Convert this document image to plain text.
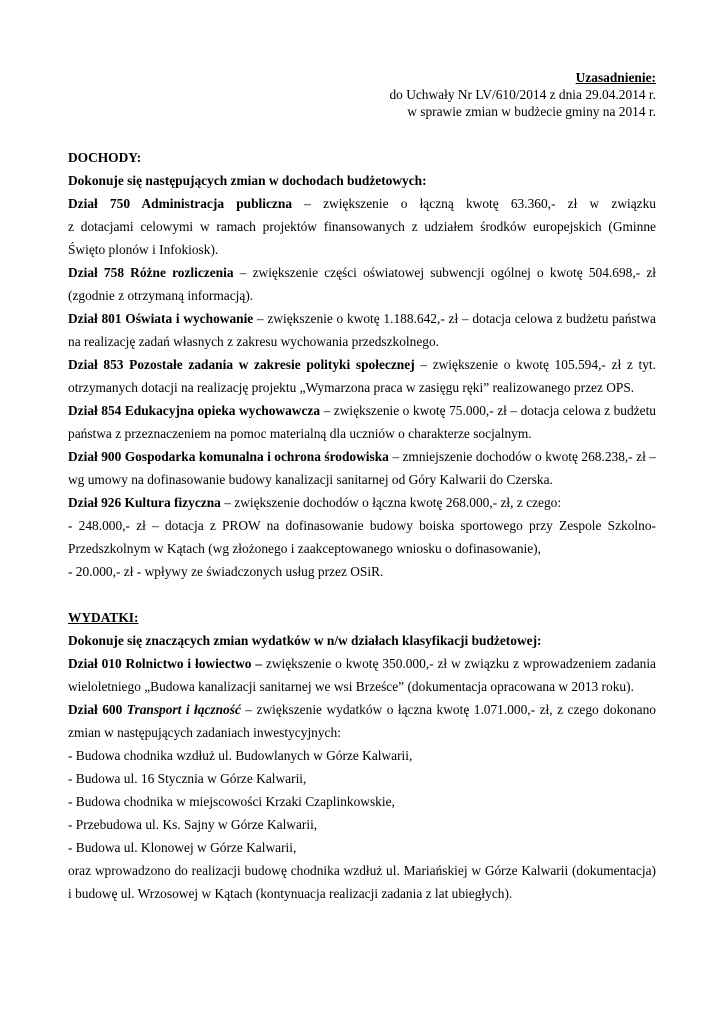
Uzasadnienie:
do Uchwały Nr LV/610/2014 z dnia 29.04.2014 r.
w sprawie zmian w budżecie gminy na 2014 r.
DOCHODY:
Dokonuje się następujących zmian w dochodach budżetowych:
Dział 750 Administracja publiczna – zwiększenie o łączną kwotę 63.360,- zł w związku
z dotacjami celowymi w ramach projektów finansowanych z udziałem środków europejskich (Gminne
Święto plonów i Infokiosk).
Dział 758 Różne rozliczenia – zwiększenie części oświatowej subwencji ogólnej o kwotę 504.698,- zł
(zgodnie z otrzymaną informacją).
Dział 801 Oświata i wychowanie – zwiększenie o kwotę 1.188.642,- zł – dotacja celowa z budżetu państwa
na realizację zadań własnych z zakresu wychowania przedszkolnego.
Dział 853 Pozostałe zadania w zakresie polityki społecznej – zwiększenie o kwotę 105.594,- zł z tyt.
otrzymanych dotacji na realizację projektu „Wymarzona praca w zasięgu ręki” realizowanego przez OPS.
Dział 854 Edukacyjna opieka wychowawcza – zwiększenie o kwotę 75.000,- zł – dotacja celowa z budżetu
państwa z przeznaczeniem na pomoc materialną dla uczniów o charakterze socjalnym.
Dział 900 Gospodarka komunalna i ochrona środowiska – zmniejszenie dochodów o kwotę 268.238,- zł –
wg umowy na dofinasowanie budowy kanalizacji sanitarnej od Góry Kalwarii do Czerska.
Dział 926 Kultura fizyczna – zwiększenie dochodów o łączna kwotę 268.000,- zł, z czego:
- 248.000,- zł – dotacja z PROW na dofinasowanie budowy boiska sportowego przy Zespole Szkolno-
Przedszkolnym w Kątach (wg złożonego i zaakceptowanego wniosku o dofinasowanie),
- 20.000,- zł - wpływy ze świadczonych usług przez OSiR.
WYDATKI:
Dokonuje się znaczących zmian wydatków w n/w działach klasyfikacji budżetowej:
Dział 010 Rolnictwo i łowiectwo – zwiększenie o kwotę 350.000,- zł w związku z wprowadzeniem zadania
wieloletniego „Budowa kanalizacji sanitarnej we wsi Brześce” (dokumentacja opracowana w 2013 roku).
Dział 600 Transport i łączność – zwiększenie wydatków o łączna kwotę 1.071.000,- zł, z czego dokonano
zmian w następujących zadaniach inwestycyjnych:
- Budowa chodnika wzdłuż ul. Budowlanych w Górze Kalwarii,
- Budowa ul. 16 Stycznia w Górze Kalwarii,
- Budowa chodnika w miejscowości Krzaki Czaplinkowskie,
- Przebudowa ul. Ks. Sajny w Górze Kalwarii,
- Budowa ul. Klonowej w Górze Kalwarii,
oraz wprowadzono do realizacji budowę chodnika wzdłuż ul. Mariańskiej w Górze Kalwarii (dokumentacja)
i budowę ul. Wrzosowej w Kątach (kontynuacja realizacji zadania z lat ubiegłych).
